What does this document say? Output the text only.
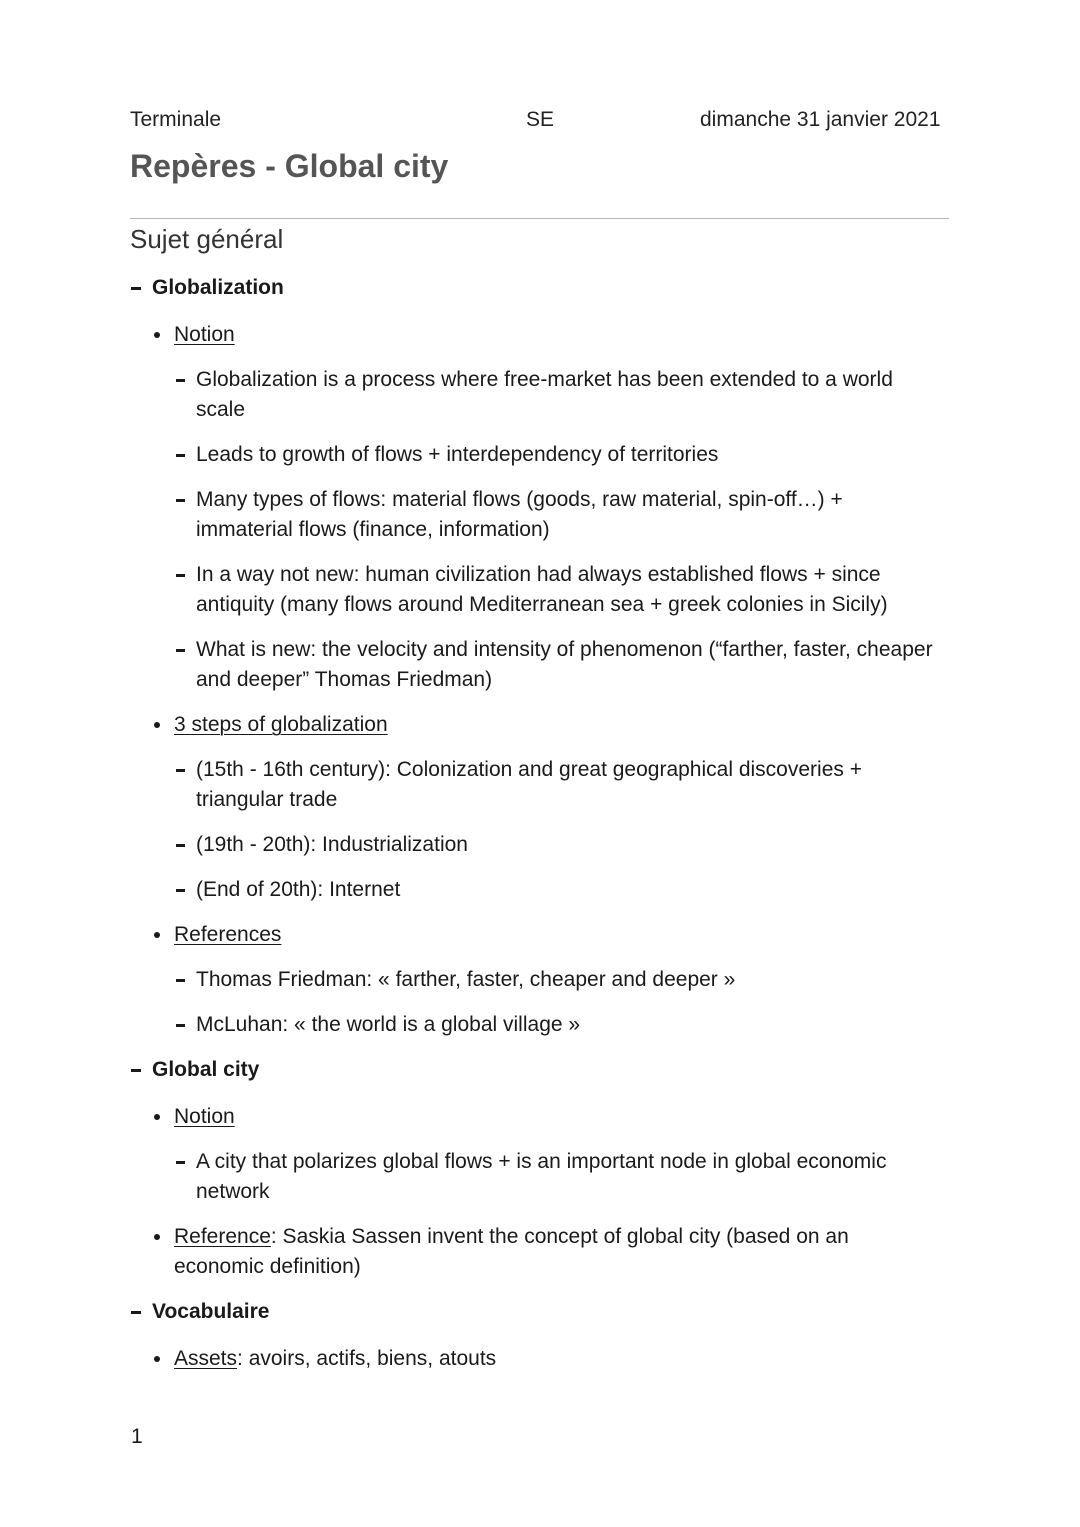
Terminale	SE	dimanche 31 janvier 2021
Repères - Global city
Sujet général
Globalization
Notion
Globalization is a process where free-market has been extended to a world scale
Leads to growth of flows + interdependency of territories
Many types of flows: material flows (goods, raw material, spin-off…) + immaterial flows (finance, information)
In a way not new: human civilization had always established flows + since antiquity (many flows around Mediterranean sea + greek colonies in Sicily)
What is new: the velocity and intensity of phenomenon (“farther, faster, cheaper and deeper” Thomas Friedman)
3 steps of globalization
(15th - 16th century): Colonization and great geographical discoveries + triangular trade
(19th - 20th): Industrialization
(End of 20th): Internet
References
Thomas Friedman: « farther, faster, cheaper and deeper »
McLuhan: « the world is a global village »
Global city
Notion
A city that polarizes global flows + is an important node in global economic network
Reference: Saskia Sassen invent the concept of global city (based on an economic definition)
Vocabulaire
Assets: avoirs, actifs, biens, atouts
1
